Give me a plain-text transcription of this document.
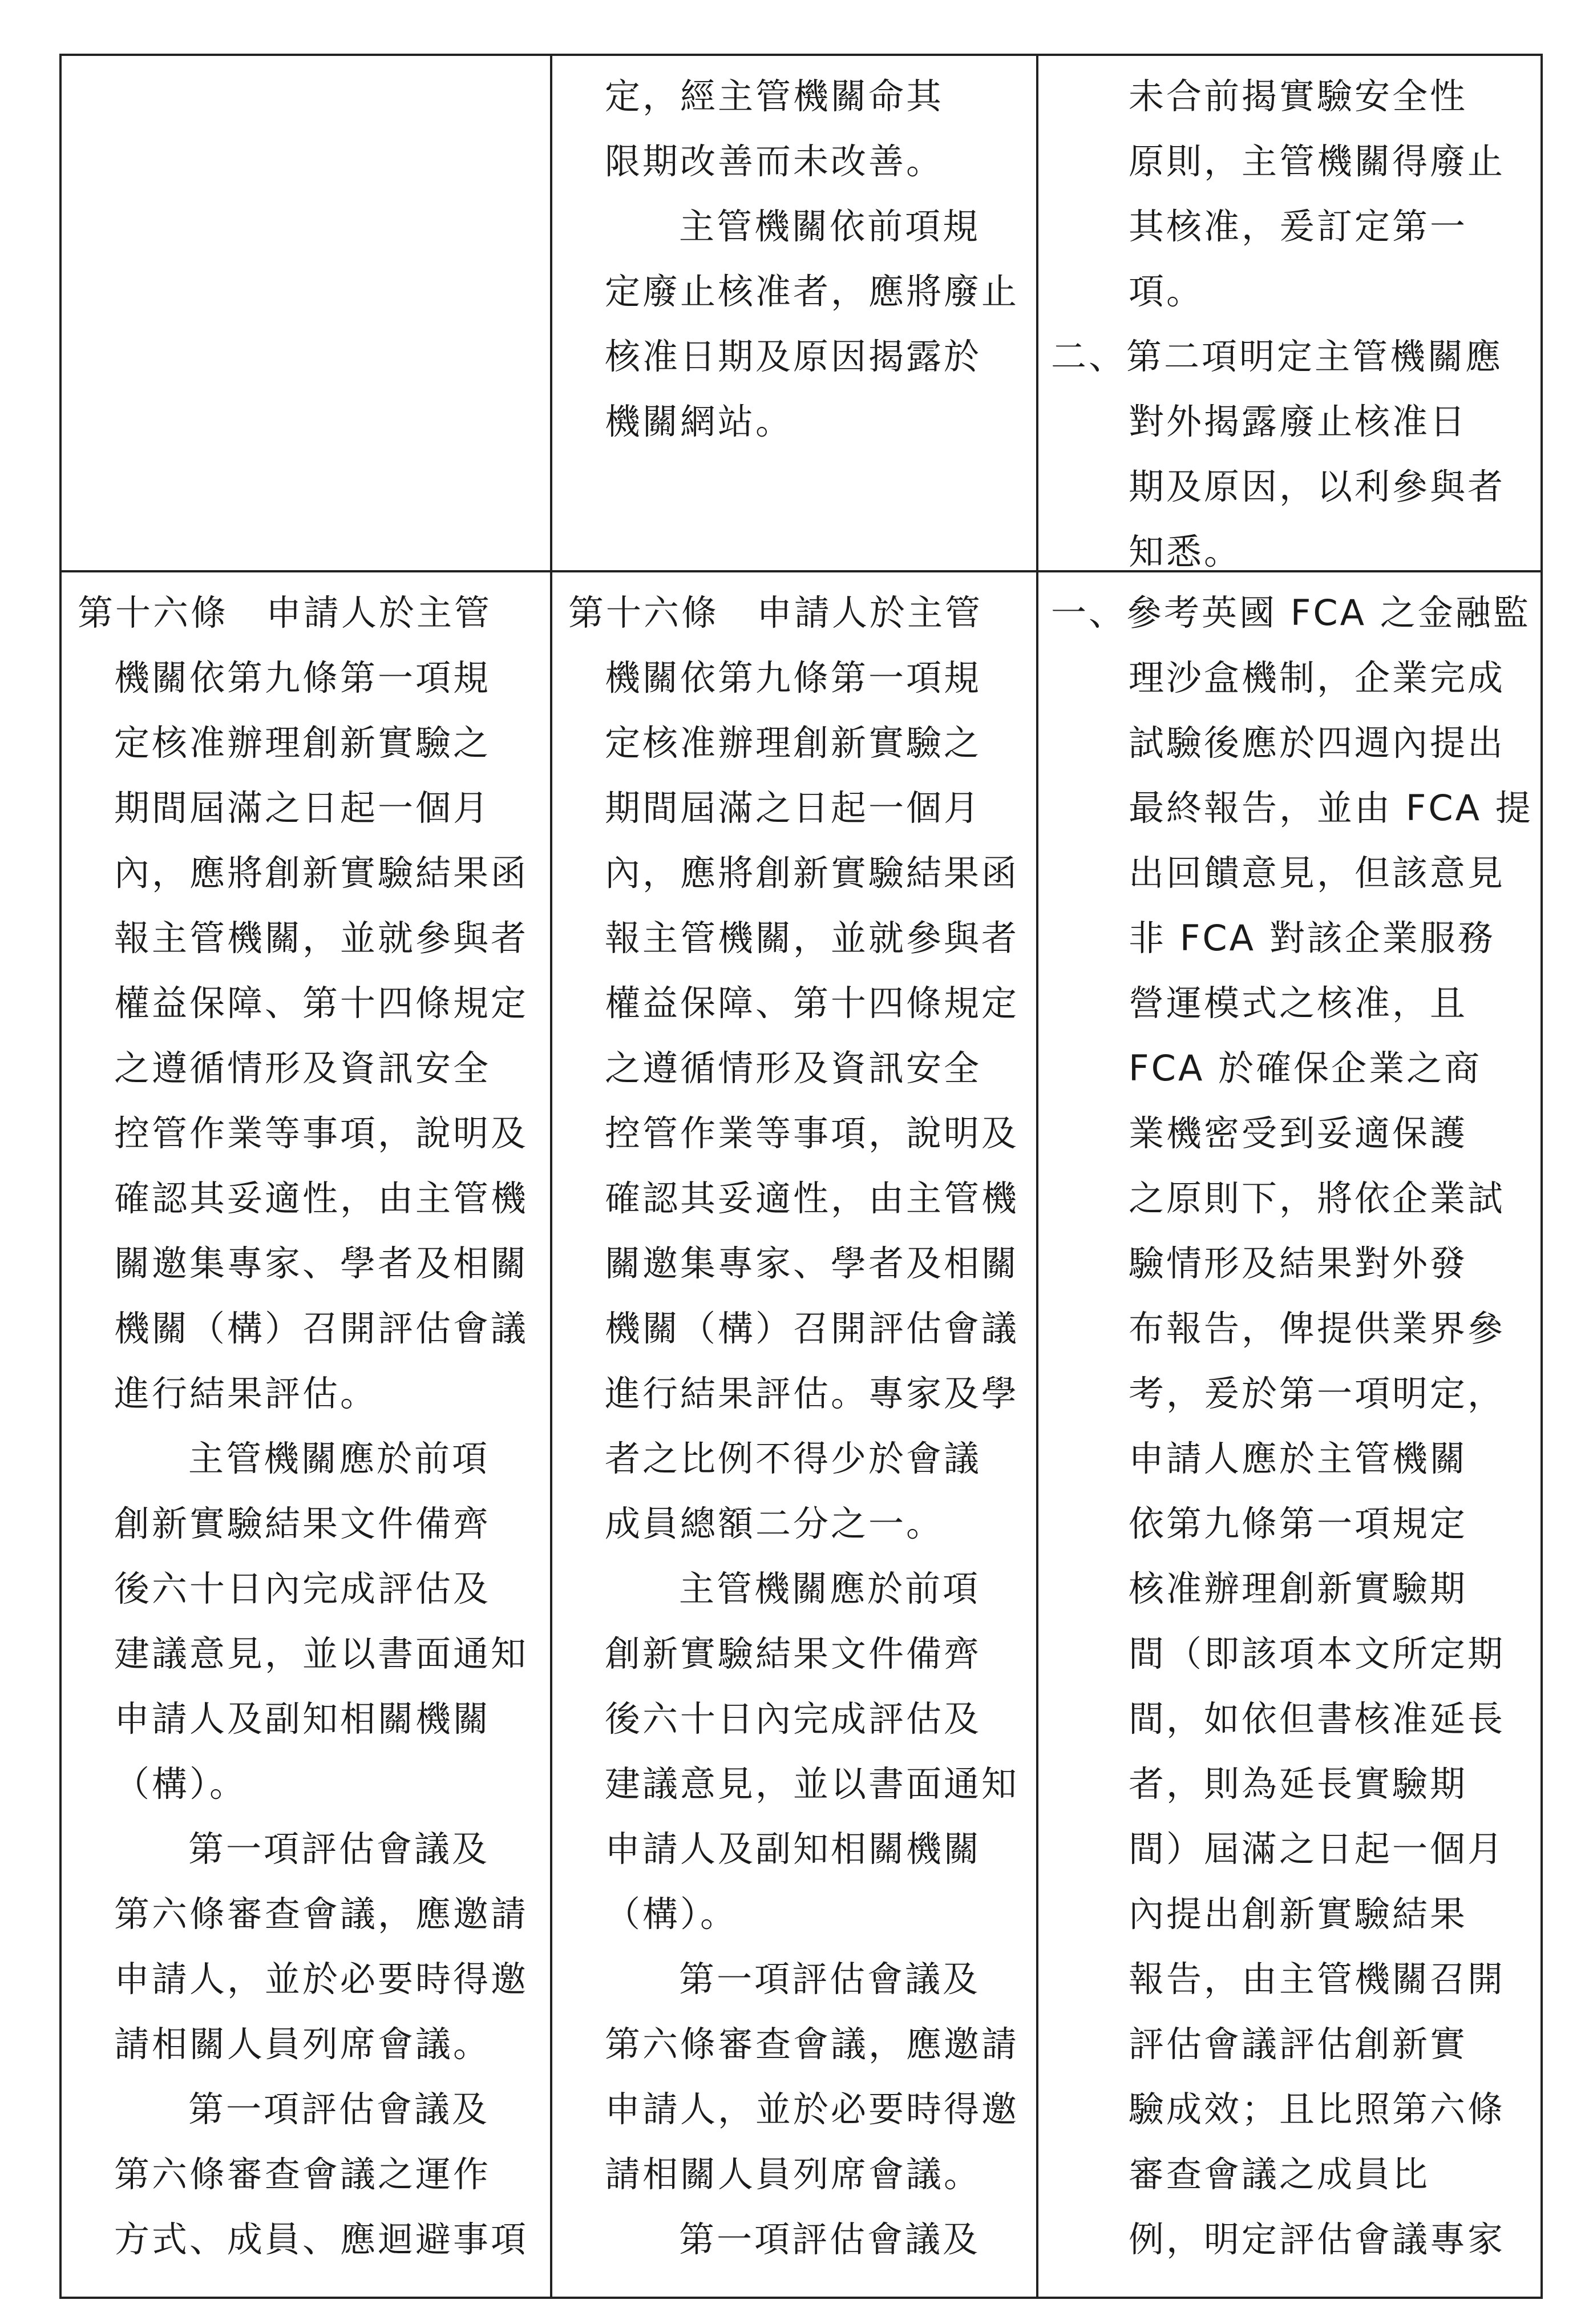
定，經主管機關命其
限期改善而未改善。
主管機關依前項規
定廢止核准者，應將廢止
核准日期及原因揭露於
機關網站。
未合前揭實驗安全性
原則，主管機關得廢止
其核准，爰訂定第一
項。
二、第二項明定主管機關應
對外揭露廢止核准日
期及原因，以利參與者
知悉。
第十六條　申請人於主管
機關依第九條第一項規
定核准辦理創新實驗之
期間屆滿之日起一個月
內，應將創新實驗結果函
報主管機關，並就參與者
權益保障、第十四條規定
之遵循情形及資訊安全
控管作業等事項，說明及
確認其妥適性，由主管機
關邀集專家、學者及相關
機關（構）召開評估會議
進行結果評估。
主管機關應於前項
創新實驗結果文件備齊
後六十日內完成評估及
建議意見，並以書面通知
申請人及副知相關機關
（構）。
第一項評估會議及
第六條審查會議，應邀請
申請人，並於必要時得邀
請相關人員列席會議。
第一項評估會議及
第六條審查會議之運作
方式、成員、應迴避事項
第十六條　申請人於主管
機關依第九條第一項規
定核准辦理創新實驗之
期間屆滿之日起一個月
內，應將創新實驗結果函
報主管機關，並就參與者
權益保障、第十四條規定
之遵循情形及資訊安全
控管作業等事項，說明及
確認其妥適性，由主管機
關邀集專家、學者及相關
機關（構）召開評估會議
進行結果評估。專家及學
者之比例不得少於會議
成員總額二分之一。
主管機關應於前項
創新實驗結果文件備齊
後六十日內完成評估及
建議意見，並以書面通知
申請人及副知相關機關
（構）。
第一項評估會議及
第六條審查會議，應邀請
申請人，並於必要時得邀
請相關人員列席會議。
第一項評估會議及
一、參考英國 FCA 之金融監
理沙盒機制，企業完成
試驗後應於四週內提出
最終報告，並由 FCA 提
出回饋意見，但該意見
非 FCA 對該企業服務
營運模式之核准，且
FCA 於確保企業之商
業機密受到妥適保護
之原則下，將依企業試
驗情形及結果對外發
布報告，俾提供業界參
考，爰於第一項明定，
申請人應於主管機關
依第九條第一項規定
核准辦理創新實驗期
間（即該項本文所定期
間，如依但書核准延長
者，則為延長實驗期
間）屆滿之日起一個月
內提出創新實驗結果
報告，由主管機關召開
評估會議評估創新實
驗成效；且比照第六條
審查會議之成員比
例，明定評估會議專家
